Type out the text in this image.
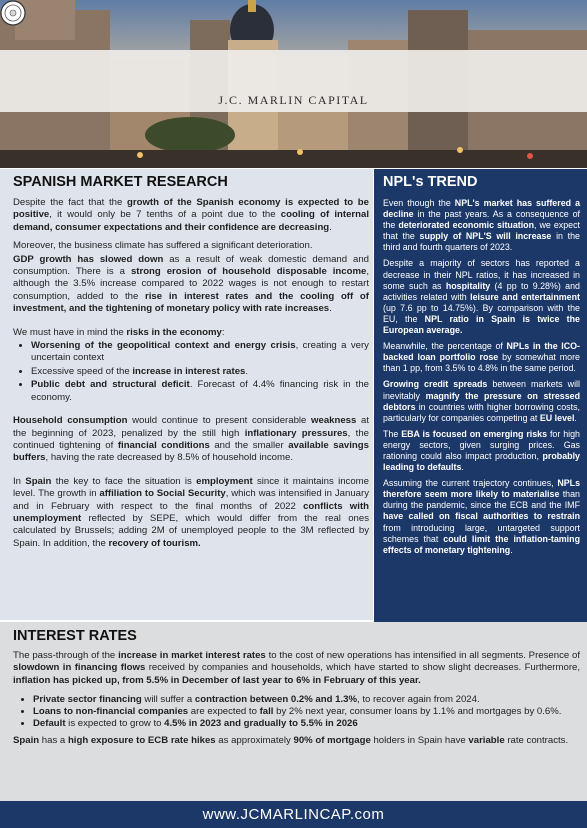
J.C. MARLIN CAPITAL
SPANISH MARKET RESEARCH

Despite the fact that the growth of the Spanish economy is expected to be positive, it would only be 7 tenths of a point due to the cooling of internal demand, consumer expectations and their confidence are decreasing.

Moreover, the business climate has suffered a significant deterioration.

GDP growth has slowed down as a result of weak domestic demand and consumption. There is a strong erosion of household disposable income, although the 3.5% increase compared to 2022 wages is not enough to restart consumption, added to the rise in interest rates and the cooling off of investment, and the tightening of monetary policy with rate increases.

We must have in mind the risks in the economy:

• Worsening of the geopolitical context and energy crisis, creating a very uncertain context
• Excessive speed of the increase in interest rates.
• Public debt and structural deficit. Forecast of 4.4% financing risk in the economy.

Household consumption would continue to present considerable weakness at the beginning of 2023, penalized by the still high inflationary pressures, the continued tightening of financial conditions and the smaller available savings buffers, having the rate decreased by 8.5% of household income.

In Spain the key to face the situation is employment since it maintains income level. The growth in affiliation to Social Security, which was intensified in January and in February with respect to the final months of 2022 conflicts with unemployment reflected by SEPE, which would differ from the real ones calculated by Brussels; adding 2M of unemployed people to the 3M reflected by Spain. In addition, the recovery of tourism.

NPL's TREND

Even though the NPL's market has suffered a decline in the past years. As a consequence of the deteriorated economic situation, we expect that the supply of NPL'S will increase in the third and fourth quarters of 2023.

Despite a majority of sectors has reported a decrease in their NPL ratios, it has increased in some such as hospitality (4 pp to 9.28%) and activities related with leisure and entertainment (up 7.6 pp to 14.75%). By comparison with the EU, the NPL ratio in Spain is twice the European average.

Meanwhile, the percentage of NPLs in the ICO-backed loan portfolio rose by somewhat more than 1 pp, from 3.5% to 4.8% in the same period.

Growing credit spreads between markets will inevitably magnify the pressure on stressed debtors in countries with higher borrowing costs, particularly for companies competing at EU level.

The EBA is focused on emerging risks for high energy sectors, given surging prices. Gas rationing could also impact production, probably leading to defaults.

Assuming the current trajectory continues, NPLs therefore seem more likely to materialise than during the pandemic, since the ECB and the IMF have called on fiscal authorities to restrain from introducing large, untargeted support schemes that could limit the inflation-taming effects of monetary tightening.

INTEREST RATES

The pass-through of the increase in market interest rates to the cost of new operations has intensified in all segments. Presence of slowdown in financing flows received by companies and households, which have started to show slight decreases. Furthermore, inflation has picked up, from 5.5% in December of last year to 6% in February of this year.

• Private sector financing will suffer a contraction between 0.2% and 1.3%, to recover again from 2024.
• Loans to non-financial companies are expected to fall by 2% next year, consumer loans by 1.1% and mortgages by 0.6%.
• Default is expected to grow to 4.5% in 2023 and gradually to 5.5% in 2026

Spain has a high exposure to ECB rate hikes as approximately 90% of mortgage holders in Spain have variable rate contracts.

www.JCMARLINCAP.com
